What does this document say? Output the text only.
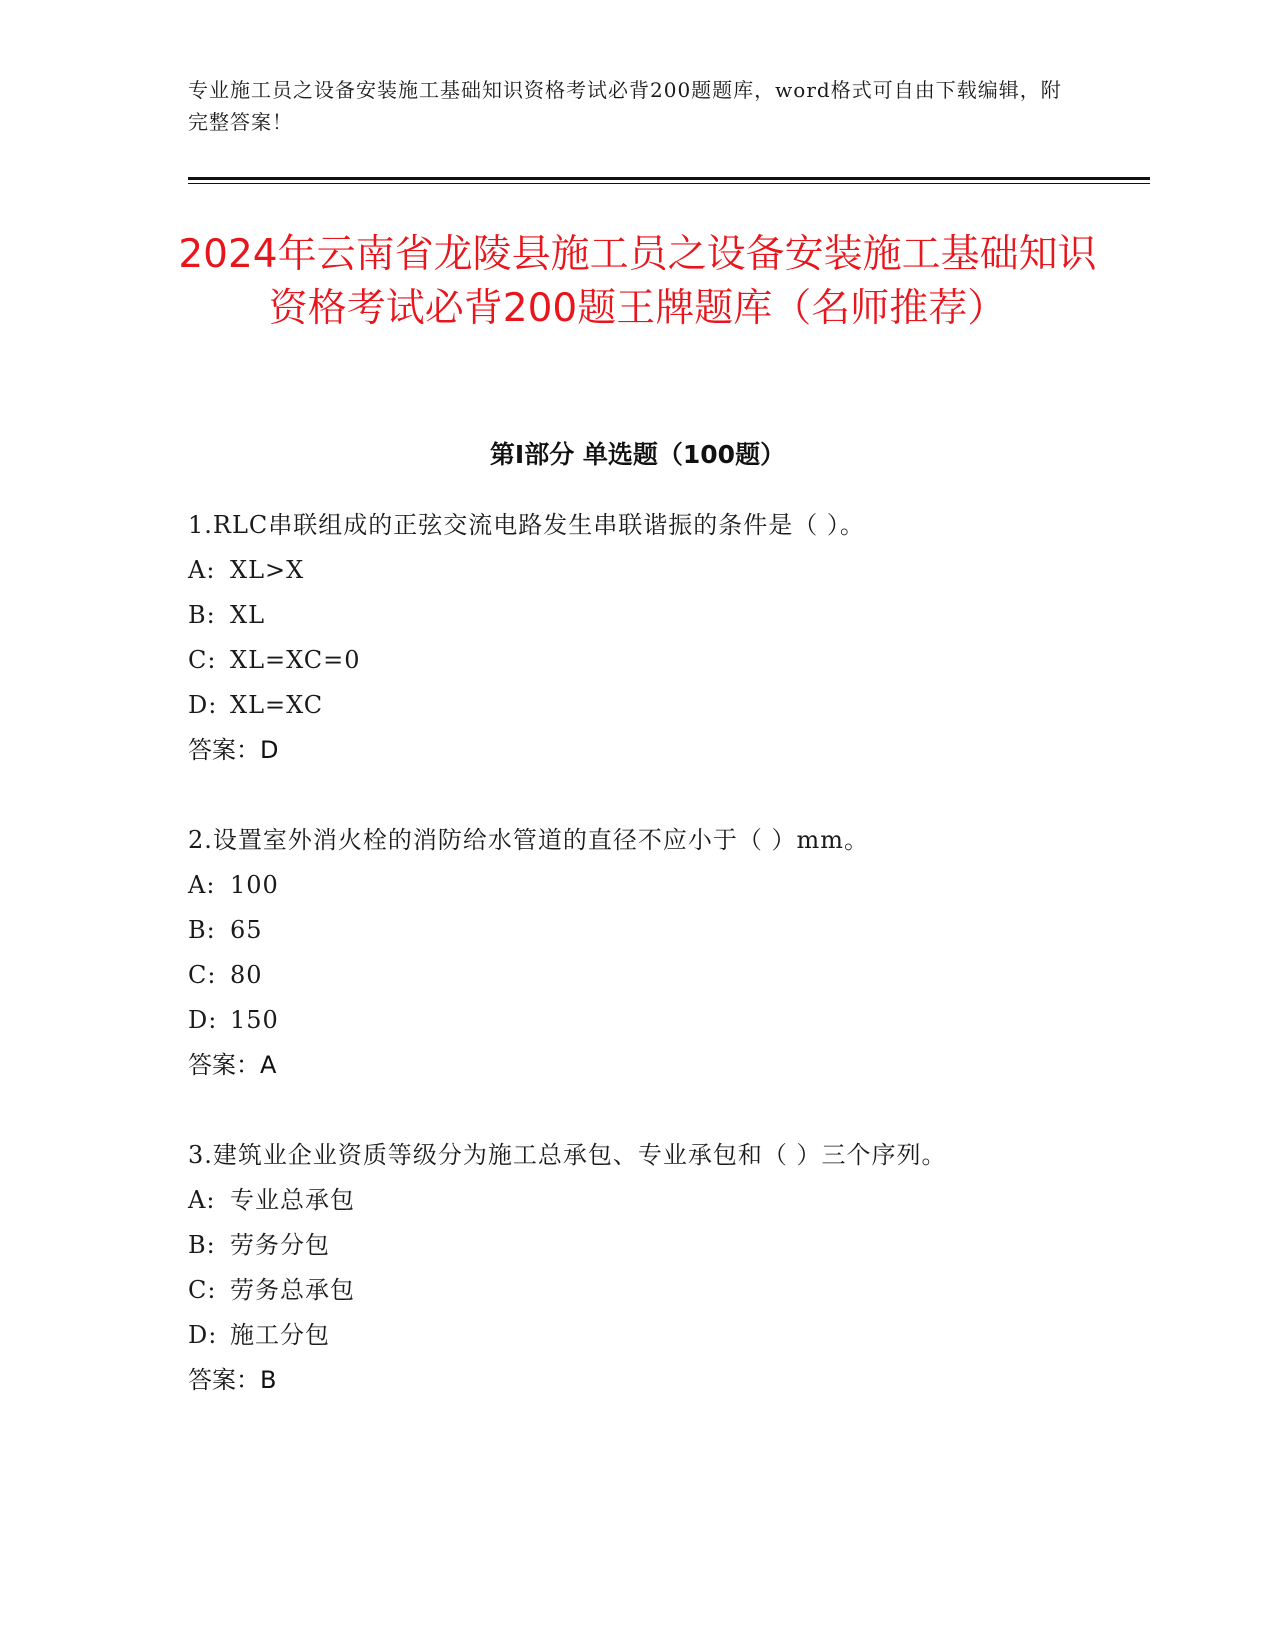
专业施工员之设备安装施工基础知识资格考试必背200题题库，word格式可自由下载编辑，附完整答案！
2024年云南省龙陵县施工员之设备安装施工基础知识资格考试必背200题王牌题库（名师推荐）
第Ⅰ部分 单选题（100题）
1.RLC串联组成的正弦交流电路发生串联谐振的条件是（ ）。
A: XL>X
B: XL
C: XL=XC=0
D: XL=XC
答案：D
2.设置室外消火栓的消防给水管道的直径不应小于（ ）mm。
A: 100
B: 65
C: 80
D: 150
答案：A
3.建筑业企业资质等级分为施工总承包、专业承包和（ ）三个序列。
A: 专业总承包
B: 劳务分包
C: 劳务总承包
D: 施工分包
答案：B
